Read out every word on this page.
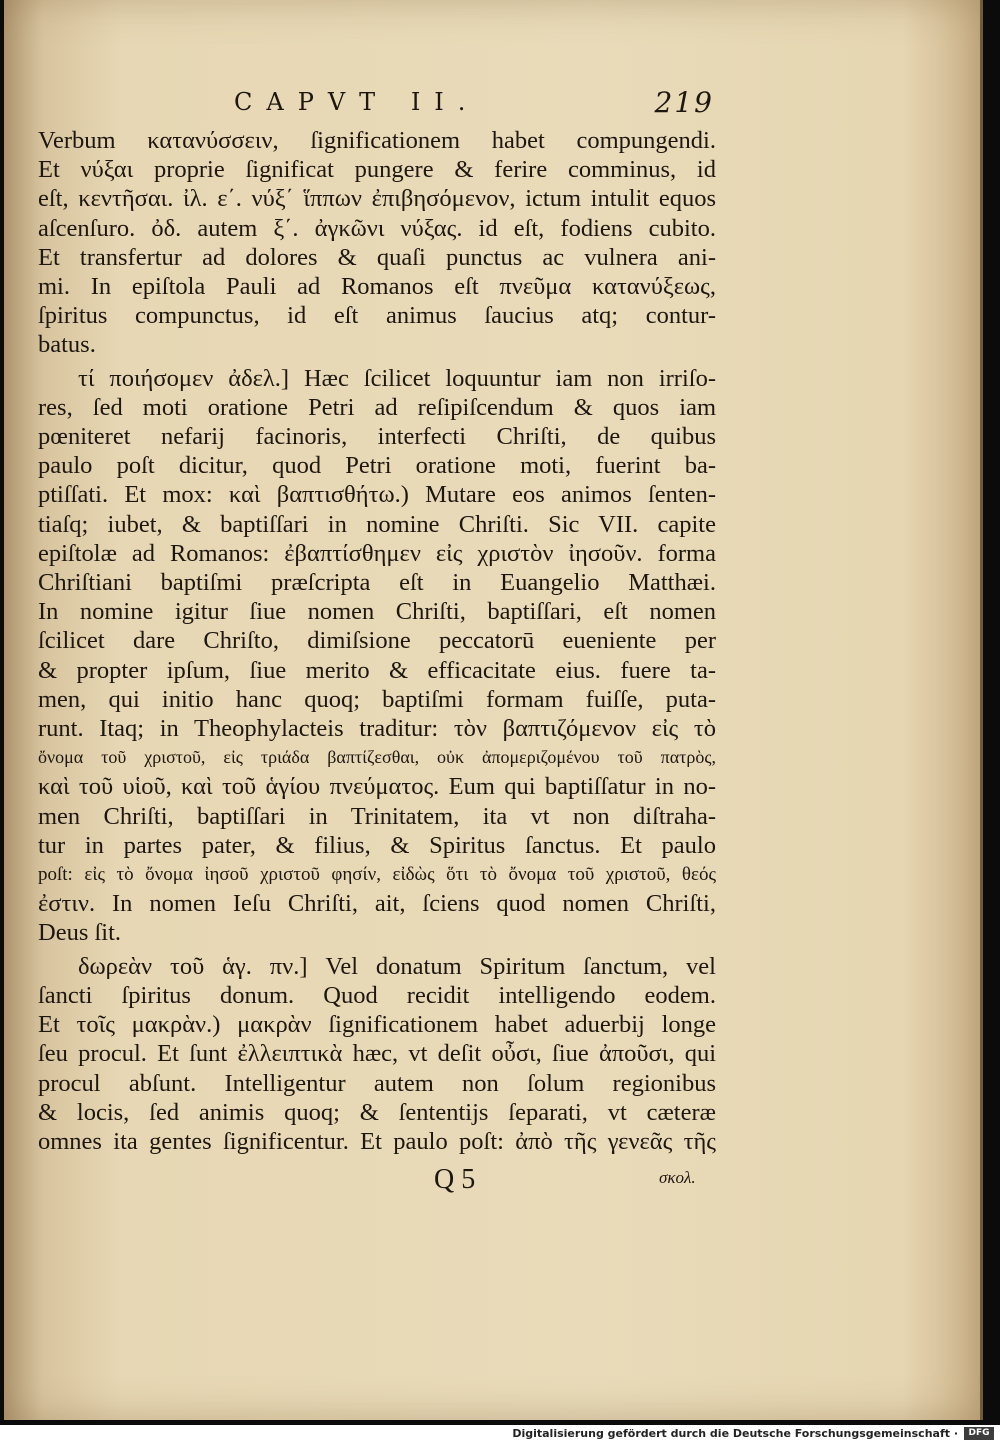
CAPVT II.	219
Verbum κατανύσσειν, ſignificationem habet compungendi.
Et νύξαι proprie ſignificat pungere & ferire comminus, id
eſt, κεντῆσαι. ἰλ. ε΄. νύξ΄ ἵππων ἐπιβησόμενον, ictum intulit equos
aſcenſuro. ὀδ. autem ξ΄. ἀγκῶνι νύξας. id eſt, fodiens cubito.
Et transfertur ad dolores & quaſi punctus ac vulnera ani-
mi. In epiſtola Pauli ad Romanos eſt πνεῦμα κατανύξεως,
ſpiritus compunctus, id eſt animus ſaucius atq; contur-
batus.
τί ποιήσομεν ἀδελ.] Hæc ſcilicet loquuntur iam non irriſo-
res, ſed moti oratione Petri ad reſipiſcendum & quos iam
pœniteret nefarij facinoris, interfecti Chriſti, de quibus
paulo poſt dicitur, quod Petri oratione moti, fuerint ba-
ptiſſati. Et mox: καὶ βαπτισθήτω.) Mutare eos animos ſenten-
tiaſq; iubet, & baptiſſari in nomine Chriſti. Sic VII. capite
epiſtolæ ad Romanos: ἐβαπτίσθημεν εἰς χριστὸν ἰησοῦν. forma
Chriſtiani baptiſmi præſcripta eſt in Euangelio Matthæi.
In nomine igitur ſiue nomen Chriſti, baptiſſari, eſt nomen
ſcilicet dare Chriſto, dimiſsione peccatorū eueniente per
& propter ipſum, ſiue merito & efficacitate eius. fuere ta-
men, qui initio hanc quoq; baptiſmi formam fuiſſe, puta-
runt. Itaq; in Theophylacteis traditur: τὸν βαπτιζόμενον εἰς τὸ
ὄνομα τοῦ χριστοῦ, εἰς τριάδα βαπτίζεσθαι, οὐκ ἀπομεριζομένου τοῦ πατρὸς,
καὶ τοῦ υἱοῦ, καὶ τοῦ ἁγίου πνεύματος. Eum qui baptiſſatur in no-
men Chriſti, baptiſſari in Trinitatem, ita vt non diſtraha-
tur in partes pater, & filius, & Spiritus ſanctus. Et paulo
poſt: εἰς τὸ ὄνομα ἰησοῦ χριστοῦ φησίν, εἰδὼς ὅτι τὸ ὄνομα τοῦ χριστοῦ, θεός
ἐστιν. In nomen Ieſu Chriſti, ait, ſciens quod nomen Chriſti,
Deus ſit.
δωρεὰν τοῦ ἁγ. πν.] Vel donatum Spiritum ſanctum, vel
ſancti ſpiritus donum. Quod recidit intelligendo eodem.
Et τοῖς μακρὰν.) μακρὰν ſignificationem habet aduerbij longe
ſeu procul. Et ſunt ἐλλειπτικὰ hæc, vt deſit οὖσι, ſiue ἀποῦσι, qui
procul abſunt. Intelligentur autem non ſolum regionibus
& locis, ſed animis quoq; & ſententijs ſeparati, vt cæteræ
omnes ita gentes ſignificentur. Et paulo poſt: ἀπὸ τῆς γενεᾶς τῆς
Q 5	σκολ.
Digitalisierung gefördert durch die Deutsche Forschungsgemeinschaft ·	DFG
